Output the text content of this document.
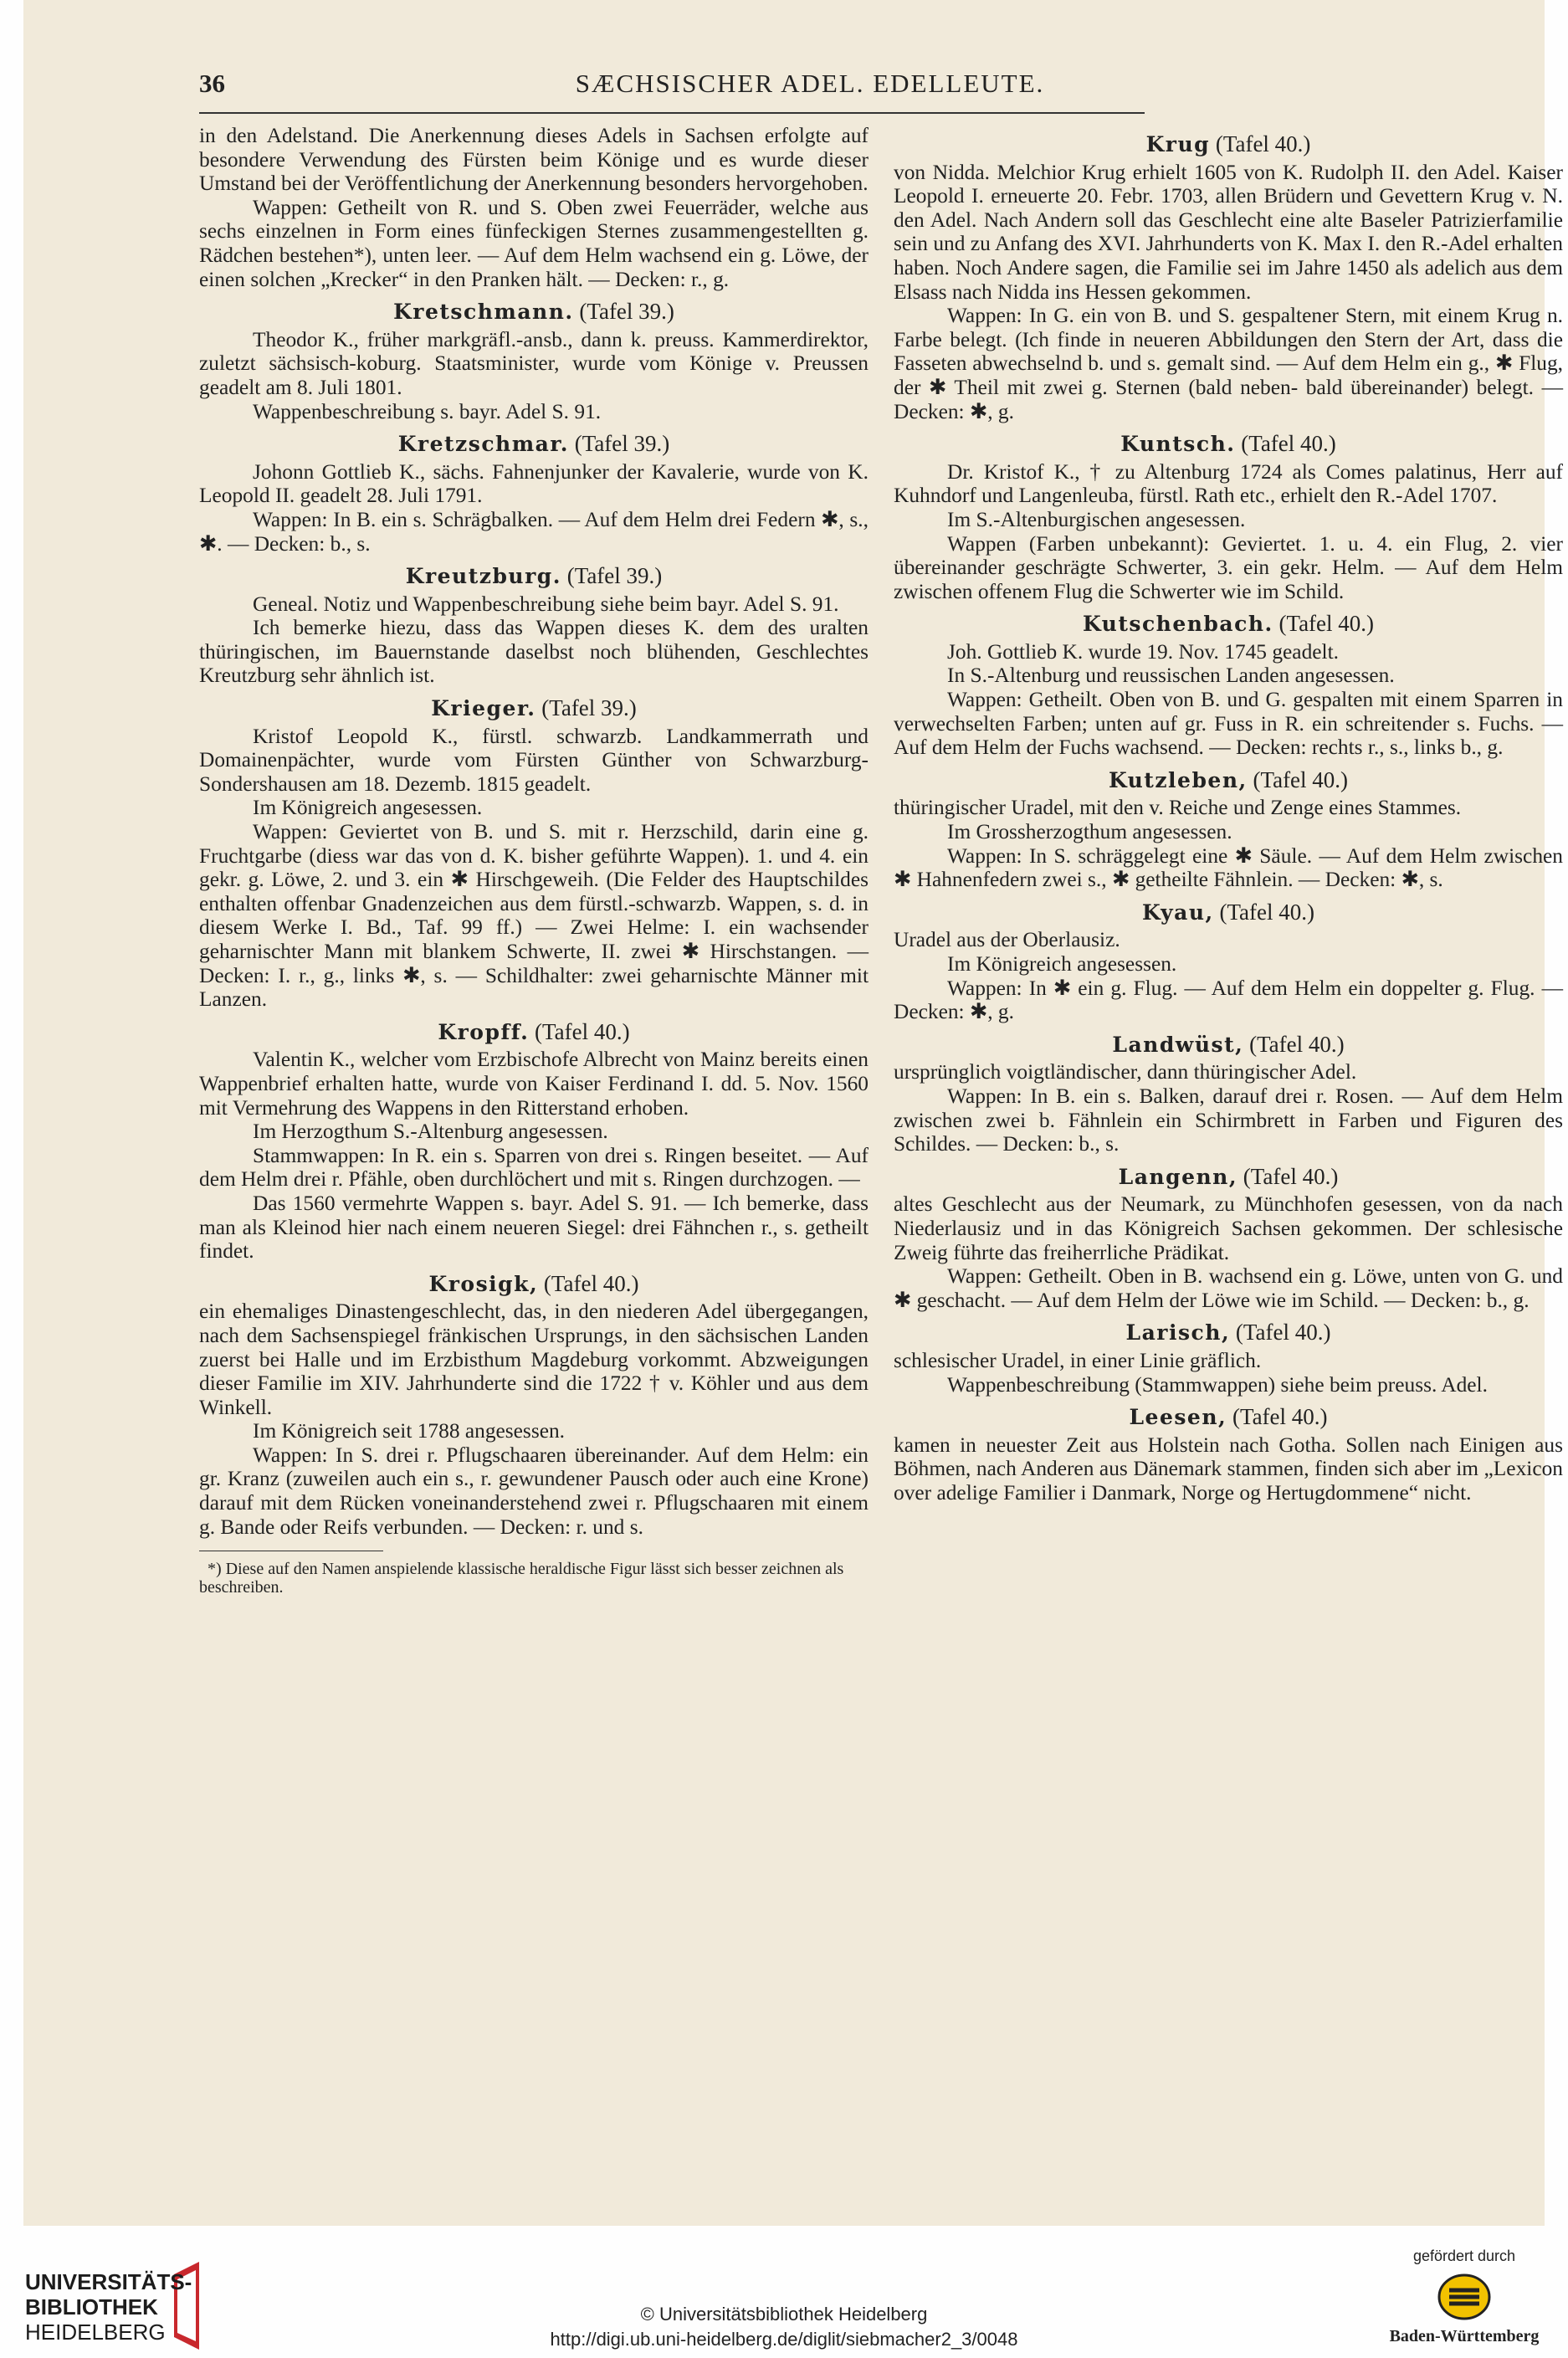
SÆCHSISCHER ADEL. EDELLEUTE.
36

in den Adelstand. Die Anerkennung dieses Adels in Sachsen erfolgte auf besondere Verwendung des Fürsten beim Könige und es wurde dieser Umstand bei der Veröffentlichung der Anerkennung besonders hervorgehoben.

Wappen: Getheilt von R. und S. Oben zwei Feuerräder, welche aus sechs einzelnen in Form eines fünfeckigen Sternes zusammengestellten g. Rädchen bestehen*), unten leer. — Auf dem Helm wachsend ein g. Löwe, der einen solchen „Krecker“ in den Pranken hält. — Decken: r., g.

Kretschmann. (Tafel 39.)

Theodor K., früher markgräfl.-ansb., dann k. preuss. Kammerdirektor, zuletzt sächsisch-koburg. Staatsminister, wurde vom Könige v. Preussen geadelt am 8. Juli 1801.

Wappenbeschreibung s. bayr. Adel S. 91.

Kretzschmar. (Tafel 39.)

Johonn Gottlieb K., sächs. Fahnenjunker der Kavalerie, wurde von K. Leopold II. geadelt 28. Juli 1791.

Wappen: In B. ein s. Schrägbalken. — Auf dem Helm drei Federn ✱, s., ✱. — Decken: b., s.

Kreutzburg. (Tafel 39.)

Geneal. Notiz und Wappenbeschreibung siehe beim bayr. Adel S. 91.

Ich bemerke hiezu, dass das Wappen dieses K. dem des uralten thüringischen, im Bauernstande daselbst noch blühenden, Geschlechtes Kreutzburg sehr ähnlich ist.

Krieger. (Tafel 39.)

Kristof Leopold K., fürstl. schwarzb. Landkammerrath und Domainenpächter, wurde vom Fürsten Günther von Schwarzburg-Sondershausen am 18. Dezemb. 1815 geadelt.

Im Königreich angesessen.

Wappen: Geviertet von B. und S. mit r. Herzschild, darin eine g. Fruchtgarbe (diess war das von d. K. bisher geführte Wappen). 1. und 4. ein gekr. g. Löwe, 2. und 3. ein ✱ Hirschgeweih. (Die Felder des Hauptschildes enthalten offenbar Gnadenzeichen aus dem fürstl.-schwarzb. Wappen, s. d. in diesem Werke I. Bd., Taf. 99 ff.) — Zwei Helme: I. ein wachsender geharnischter Mann mit blankem Schwerte, II. zwei ✱ Hirschstangen. — Decken: I. r., g., links ✱, s. — Schildhalter: zwei geharnischte Männer mit Lanzen.

Kropff. (Tafel 40.)

Valentin K., welcher vom Erzbischofe Albrecht von Mainz bereits einen Wappenbrief erhalten hatte, wurde von Kaiser Ferdinand I. dd. 5. Nov. 1560 mit Vermehrung des Wappens in den Ritterstand erhoben.

Im Herzogthum S.-Altenburg angesessen.

Stammwappen: In R. ein s. Sparren von drei s. Ringen beseitet. — Auf dem Helm drei r. Pfähle, oben durchlöchert und mit s. Ringen durchzogen. —

Das 1560 vermehrte Wappen s. bayr. Adel S. 91. — Ich bemerke, dass man als Kleinod hier nach einem neueren Siegel: drei Fähnchen r., s. getheilt findet.

Krosigk, (Tafel 40.)

ein ehemaliges Dinastengeschlecht, das, in den niederen Adel übergegangen, nach dem Sachsenspiegel fränkischen Ursprungs, in den sächsischen Landen zuerst bei Halle und im Erzbisthum Magdeburg vorkommt. Abzweigungen dieser Familie im XIV. Jahrhunderte sind die 1722 † v. Köhler und aus dem Winkell.

Im Königreich seit 1788 angesessen.

Wappen: In S. drei r. Pflugschaaren übereinander. Auf dem Helm: ein gr. Kranz (zuweilen auch ein s., r. gewundener Pausch oder auch eine Krone) darauf mit dem Rücken voneinanderstehend zwei r. Pflugschaaren mit einem g. Bande oder Reifs verbunden. — Decken: r. und s.

*) Diese auf den Namen anspielende klassische heraldische Figur lässt sich besser zeichnen als beschreiben.
Krug (Tafel 40.)

von Nidda. Melchior Krug erhielt 1605 von K. Rudolph II. den Adel. Kaiser Leopold I. erneuerte 20. Febr. 1703, allen Brüdern und Gevettern Krug v. N. den Adel. Nach Andern soll das Geschlecht eine alte Baseler Patrizierfamilie sein und zu Anfang des XVI. Jahrhunderts von K. Max I. den R.-Adel erhalten haben. Noch Andere sagen, die Familie sei im Jahre 1450 als adelich aus dem Elsass nach Nidda ins Hessen gekommen.

Wappen: In G. ein von B. und S. gespaltener Stern, mit einem Krug n. Farbe belegt. (Ich finde in neueren Abbildungen den Stern der Art, dass die Fasseten abwechselnd b. und s. gemalt sind. — Auf dem Helm ein g., ✱ Flug, der ✱ Theil mit zwei g. Sternen (bald neben- bald übereinander) belegt. — Decken: ✱, g.

Kuntsch. (Tafel 40.)

Dr. Kristof K., † zu Altenburg 1724 als Comes palatinus, Herr auf Kuhndorf und Langenleuba, fürstl. Rath etc., erhielt den R.-Adel 1707.

Im S.-Altenburgischen angesessen.

Wappen (Farben unbekannt): Geviertet. 1. u. 4. ein Flug, 2. vier übereinander geschrägte Schwerter, 3. ein gekr. Helm. — Auf dem Helm zwischen offenem Flug die Schwerter wie im Schild.

Kutschenbach. (Tafel 40.)

Joh. Gottlieb K. wurde 19. Nov. 1745 geadelt.

In S.-Altenburg und reussischen Landen angesessen.

Wappen: Getheilt. Oben von B. und G. gespalten mit einem Sparren in verwechselten Farben; unten auf gr. Fuss in R. ein schreitender s. Fuchs. — Auf dem Helm der Fuchs wachsend. — Decken: rechts r., s., links b., g.

Kutzleben, (Tafel 40.)

thüringischer Uradel, mit den v. Reiche und Zenge eines Stammes.

Im Grossherzogthum angesessen.

Wappen: In S. schräggelegt eine ✱ Säule. — Auf dem Helm zwischen ✱ Hahnenfedern zwei s., ✱ getheilte Fähnlein. — Decken: ✱, s.

Kyau, (Tafel 40.)

Uradel aus der Oberlausiz.

Im Königreich angesessen.

Wappen: In ✱ ein g. Flug. — Auf dem Helm ein doppelter g. Flug. — Decken: ✱, g.

Landwüst, (Tafel 40.)

ursprünglich voigtländischer, dann thüringischer Adel.

Wappen: In B. ein s. Balken, darauf drei r. Rosen. — Auf dem Helm zwischen zwei b. Fähnlein ein Schirmbrett in Farben und Figuren des Schildes. — Decken: b., s.

Langenn, (Tafel 40.)

altes Geschlecht aus der Neumark, zu Münchhofen gesessen, von da nach Niederlausiz und in das Königreich Sachsen gekommen. Der schlesische Zweig führte das freiherrliche Prädikat.

Wappen: Getheilt. Oben in B. wachsend ein g. Löwe, unten von G. und ✱ geschacht. — Auf dem Helm der Löwe wie im Schild. — Decken: b., g.

Larisch, (Tafel 40.)

schlesischer Uradel, in einer Linie gräflich.

Wappenbeschreibung (Stammwappen) siehe beim preuss. Adel.

Leesen, (Tafel 40.)

kamen in neuester Zeit aus Holstein nach Gotha. Sollen nach Einigen aus Böhmen, nach Anderen aus Dänemark stammen, finden sich aber im „Lexicon over adelige Familier i Danmark, Norge og Hertugdommene“ nicht.

UNIVERSITÄTS-
BIBLIOTHEK
HEIDELBERG
© Universitätsbibliothek Heidelberg
http://digi.ub.uni-heidelberg.de/diglit/siebmacher2_3/0048
gefördert durch
Baden-Württemberg
